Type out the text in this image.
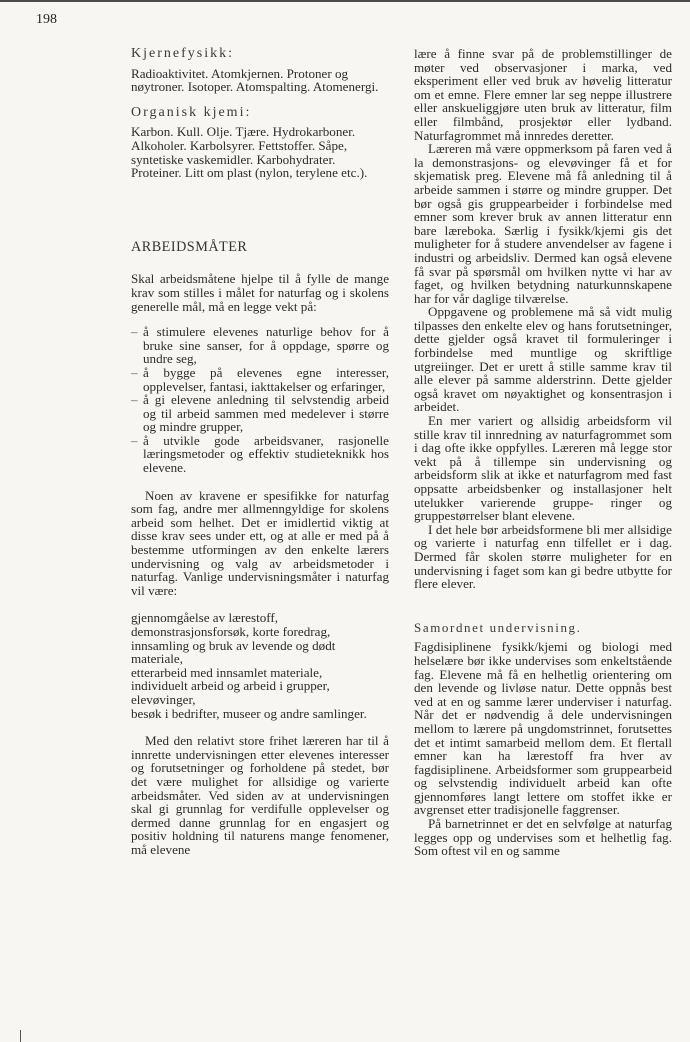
198

Kjernefysikk:

Radioaktivitet. Atomkjernen. Protoner og nøytroner. Isotoper. Atomspalting. Atomenergi.

Organisk kjemi:

Karbon. Kull. Olje. Tjære. Hydrokarboner. Alkoholer. Karbolsyrer. Fettstoffer. Såpe, syntetiske vaskemidler. Karbohydrater. Proteiner. Litt om plast (nylon, terylene etc.).

ARBEIDSMÅTER

Skal arbeidsmåtene hjelpe til å fylle de mange krav som stilles i målet for naturfag og i skolens generelle mål, må en legge vekt på:

– å stimulere elevenes naturlige behov for å bruke sine sanser, for å oppdage, spørre og undre seg,
– å bygge på elevenes egne interesser, opplevelser, fantasi, iakttakelser og erfaringer,
– å gi elevene anledning til selvstendig arbeid og til arbeid sammen med medelever i større og mindre grupper,
– å utvikle gode arbeidsvaner, rasjonelle læringsmetoder og effektiv studieteknikk hos elevene.

Noen av kravene er spesifikke for naturfag som fag, andre mer allmenngyldige for skolens arbeid som helhet. Det er imidlertid viktig at disse krav sees under ett, og at alle er med på å bestemme utformingen av den enkelte lærers undervisning og valg av arbeidsmetoder i naturfag. Vanlige undervisningsmåter i naturfag vil være:

gjennomgåelse av lærestoff, demonstrasjonsforsøk, korte foredrag,

innsamling og bruk av levende og dødt materiale,

etterarbeid med innsamlet materiale,

individuelt arbeid og arbeid i grupper,

elevøvinger,

besøk i bedrifter, museer og andre samlinger.

Med den relativt store frihet læreren har til å innrette undervisningen etter elevenes interesser og forutsetninger og forholdene på stedet, bør det være mulighet for allsidige og varierte arbeidsmåter. Ved siden av at undervisningen skal gi grunnlag for verdifulle opplevelser og dermed danne grunnlag for en engasjert og positiv holdning til naturens mange fenomener, må elevene

lære å finne svar på de problemstillinger de møter ved observasjoner i marka, ved eksperiment eller ved bruk av høvelig litteratur om et emne. Flere emner lar seg neppe illustrere eller anskueliggjøre uten bruk av litteratur, film eller filmbånd, prosjektør eller lydband. Naturfagrommet må innredes deretter.

Læreren må være oppmerksom på faren ved å la demonstrasjons- og elevøvinger få et for skjematisk preg. Elevene må få anledning til å arbeide sammen i større og mindre grupper. Det bør også gis gruppearbeider i forbindelse med emner som krever bruk av annen litteratur enn bare læreboka. Særlig i fysikk/kjemi gis det muligheter for å studere anvendelser av fagene i industri og arbeidsliv. Dermed kan også elevene få svar på spørsmål om hvilken nytte vi har av faget, og hvilken betydning naturkunnskapene har for vår daglige tilværelse.

Oppgavene og problemene må så vidt mulig tilpasses den enkelte elev og hans forutsetninger, dette gjelder også kravet til formuleringer i forbindelse med muntlige og skriftlige utgreiinger. Det er urett å stille samme krav til alle elever på samme alderstrinn. Dette gjelder også kravet om nøyaktighet og konsentrasjon i arbeidet.

En mer variert og allsidig arbeidsform vil stille krav til innredning av naturfagrommet som i dag ofte ikke oppfylles. Læreren må legge stor vekt på å tillempe sin undervisning og arbeidsform slik at ikke et naturfagrom med fast oppsatte arbeidsbenker og installasjoner helt utelukker varierende gruppe- ringer og gruppestørrelser blant elevene.

I det hele bør arbeidsformene bli mer allsidige og varierte i naturfag enn tilfellet er i dag. Dermed får skolen større muligheter for en undervisning i faget som kan gi bedre utbytte for flere elever.

Samordnet undervisning.

Fagdisiplinene fysikk/kjemi og biologi med helselære bør ikke undervises som enkeltstående fag. Elevene må få en helhetlig orientering om den levende og livløse natur. Dette oppnås best ved at en og samme lærer underviser i naturfag. Når det er nødvendig å dele undervisningen mellom to lærere på ungdomstrinnet, forutsettes det et intimt samarbeid mellom dem. Et flertall emner kan ha lærestoff fra hver av fagdisiplinene. Arbeidsformer som gruppearbeid og selvstendig individuelt arbeid kan ofte gjennomføres langt lettere om stoffet ikke er avgrenset etter tradisjonelle faggrenser.

På barnetrinnet er det en selvfølge at naturfag legges opp og undervises som et helhetlig fag. Som oftest vil en og samme
